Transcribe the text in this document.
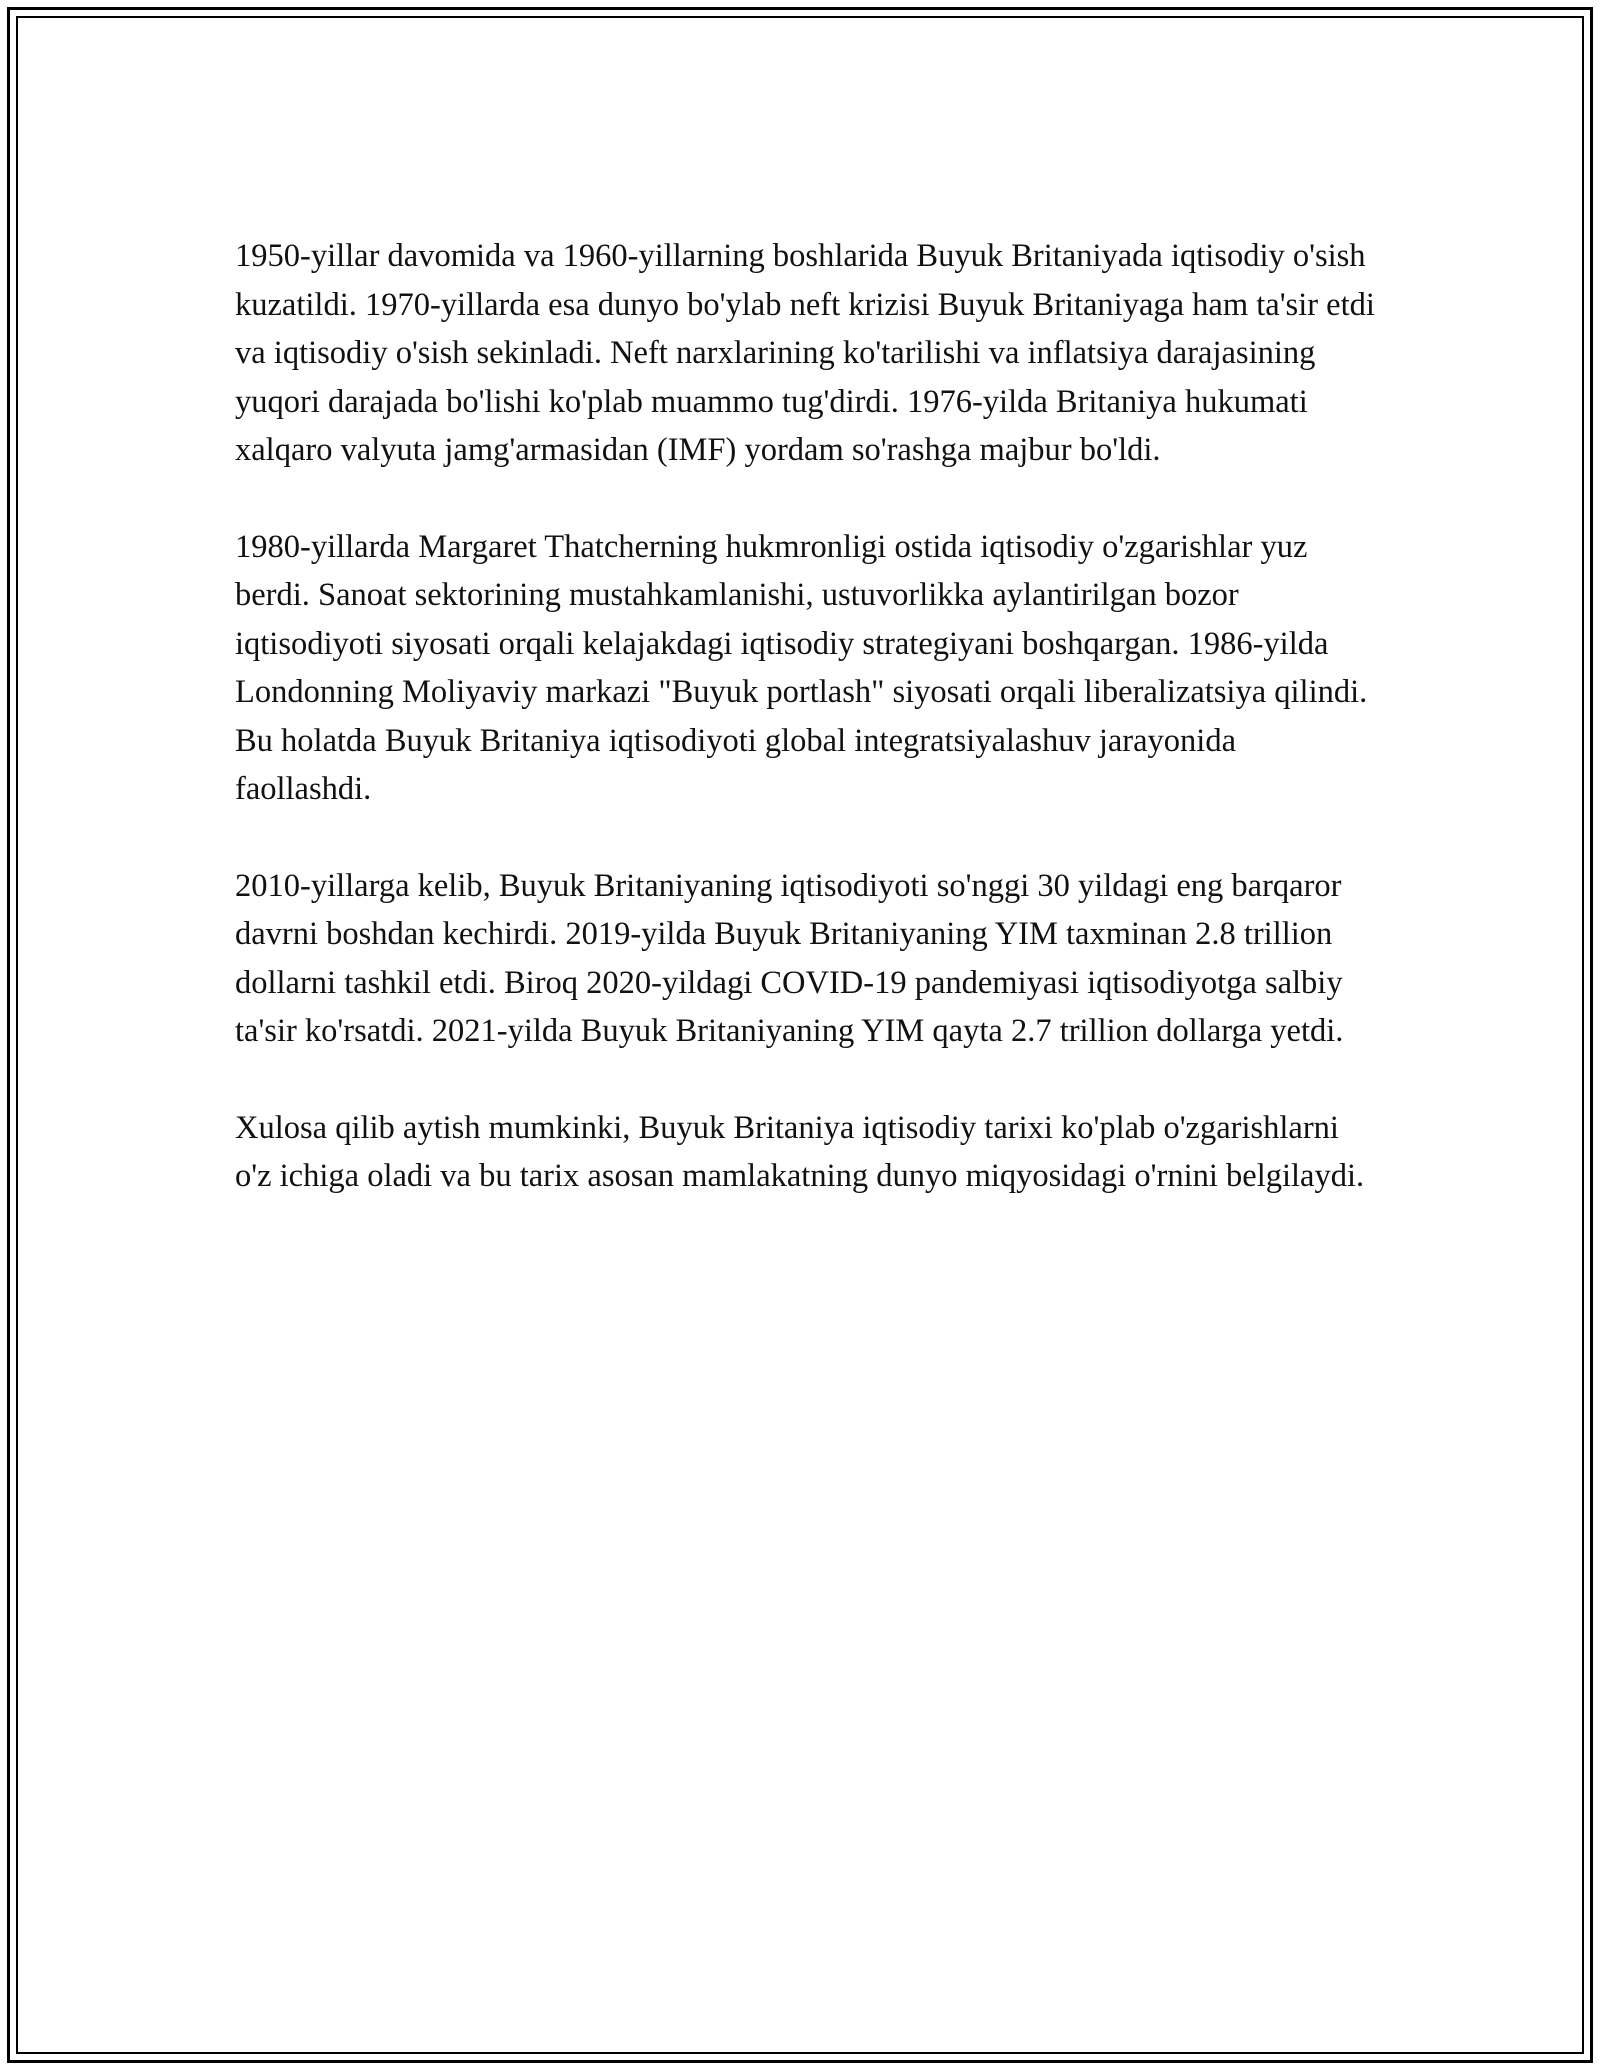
1950-yillar davomida va 1960-yillarning boshlarida Buyuk Britaniyada iqtisodiy o'sish kuzatildi. 1970-yillarda esa dunyo bo'ylab neft krizisi Buyuk Britaniyaga ham ta'sir etdi va iqtisodiy o'sish sekinladi. Neft narxlarining ko'tarilishi va inflatsiya darajasining yuqori darajada bo'lishi ko'plab muammo tug'dirdi. 1976-yilda Britaniya hukumati xalqaro valyuta jamg'armasidan (IMF) yordam so'rashga majbur bo'ldi.

1980-yillarda Margaret Thatcherning hukmronligi ostida iqtisodiy o'zgarishlar yuz berdi. Sanoat sektorining mustahkamlanishi, ustuvorlikka aylantirilgan bozor iqtisodiyoti siyosati orqali kelajakdagi iqtisodiy strategiyani boshqargan. 1986-yilda Londonning Moliyaviy markazi "Buyuk portlash" siyosati orqali liberalizatsiya qilindi. Bu holatda Buyuk Britaniya iqtisodiyoti global integratsiyalashuv jarayonida faollashdi.

2010-yillarga kelib, Buyuk Britaniyaning iqtisodiyoti so'nggi 30 yildagi eng barqaror davrni boshdan kechirdi. 2019-yilda Buyuk Britaniyaning YIM taxminan 2.8 trillion dollarni tashkil etdi. Biroq 2020-yildagi COVID-19 pandemiyasi iqtisodiyotga salbiy ta'sir ko'rsatdi. 2021-yilda Buyuk Britaniyaning YIM qayta 2.7 trillion dollarga yetdi.

Xulosa qilib aytish mumkinki, Buyuk Britaniya iqtisodiy tarixi ko'plab o'zgarishlarni o'z ichiga oladi va bu tarix asosan mamlakatning dunyo miqyosidagi o'rnini belgilaydi.
